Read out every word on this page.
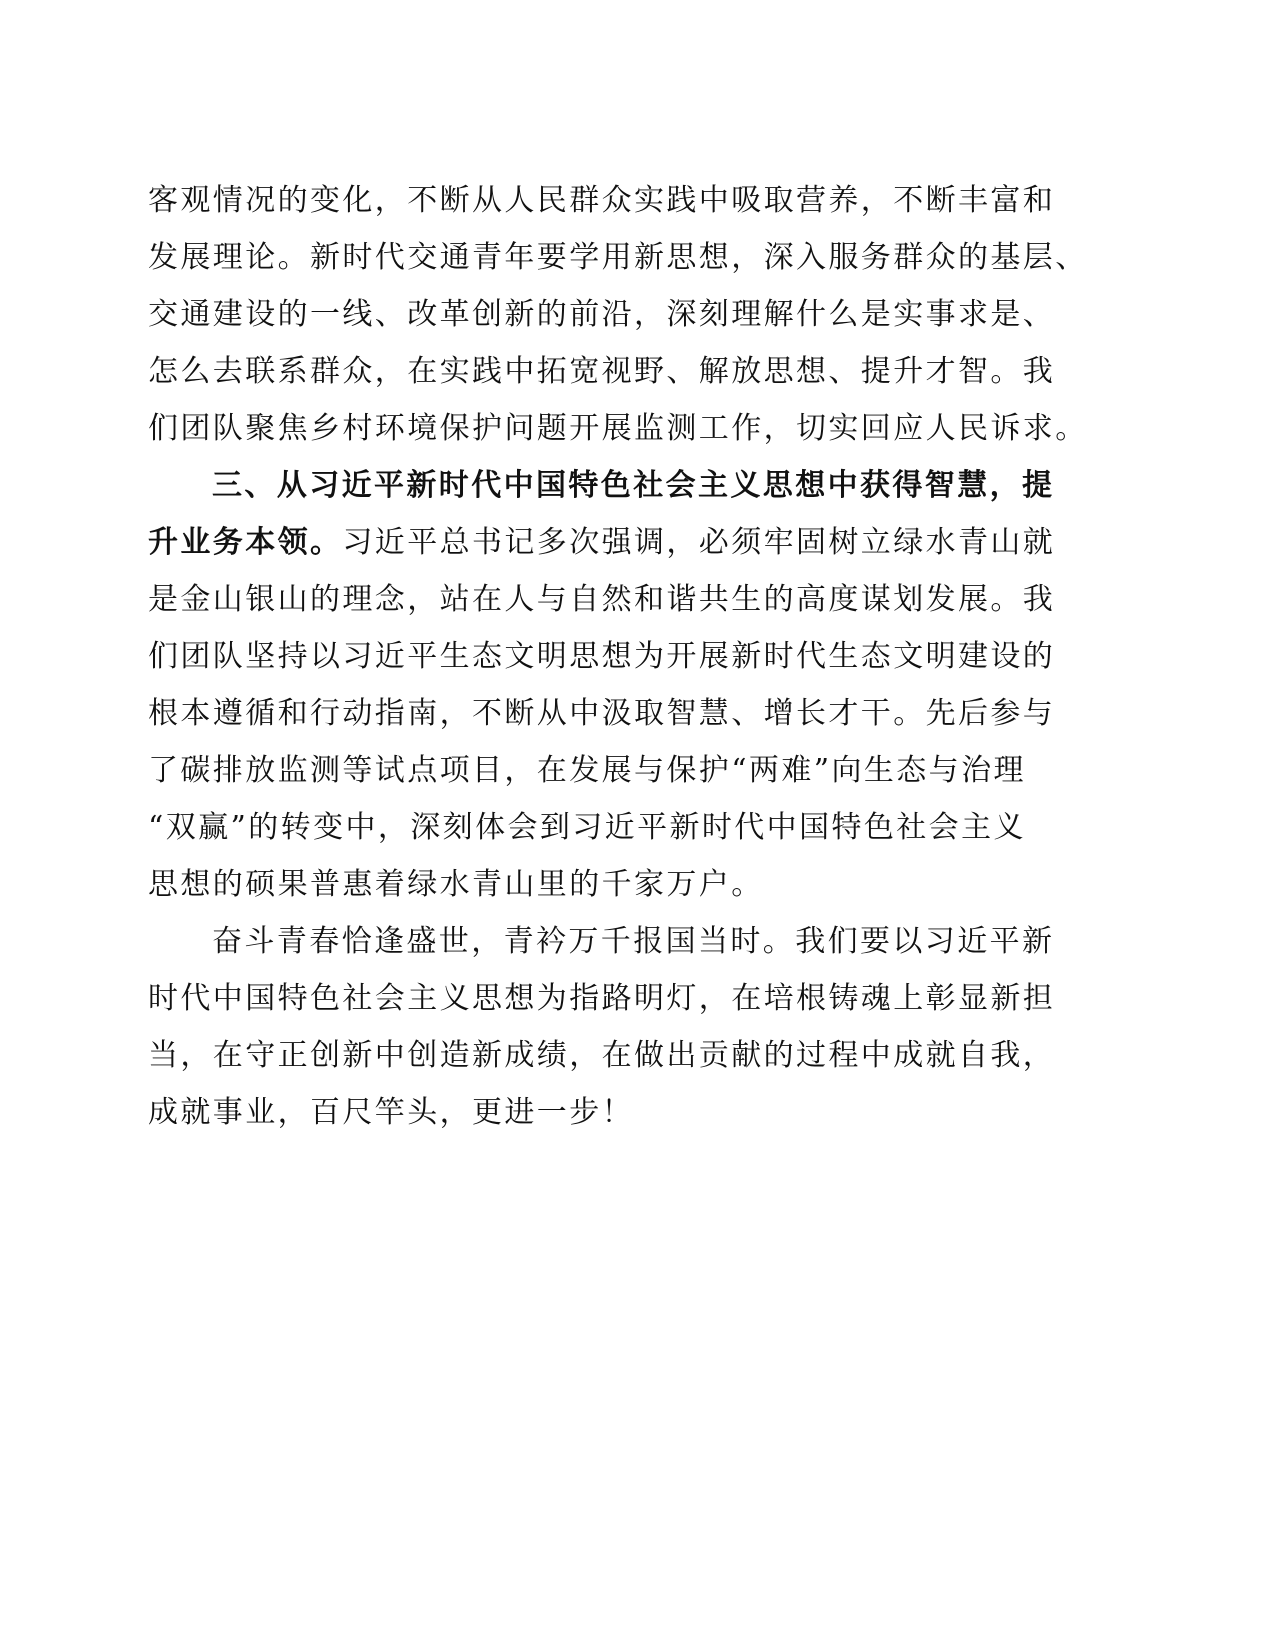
客观情况的变化，不断从人民群众实践中吸取营养，不断丰富和
发展理论。新时代交通青年要学用新思想，深入服务群众的基层、
交通建设的一线、改革创新的前沿，深刻理解什么是实事求是、
怎么去联系群众，在实践中拓宽视野、解放思想、提升才智。我
们团队聚焦乡村环境保护问题开展监测工作，切实回应人民诉求。
三、从习近平新时代中国特色社会主义思想中获得智慧，提
升业务本领。习近平总书记多次强调，必须牢固树立绿水青山就
是金山银山的理念，站在人与自然和谐共生的高度谋划发展。我
们团队坚持以习近平生态文明思想为开展新时代生态文明建设的
根本遵循和行动指南，不断从中汲取智慧、增长才干。先后参与
了碳排放监测等试点项目，在发展与保护“两难”向生态与治理
“双赢”的转变中，深刻体会到习近平新时代中国特色社会主义
思想的硕果普惠着绿水青山里的千家万户。
奋斗青春恰逢盛世，青衿万千报国当时。我们要以习近平新
时代中国特色社会主义思想为指路明灯，在培根铸魂上彰显新担
当，在守正创新中创造新成绩，在做出贡献的过程中成就自我，
成就事业，百尺竿头，更进一步！
